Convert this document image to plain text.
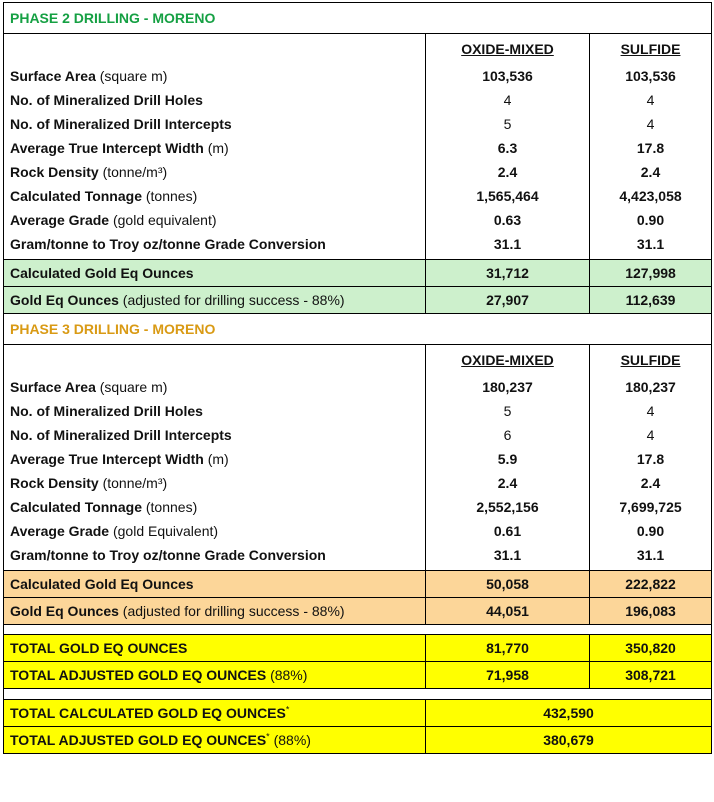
PHASE 2 DRILLING - MORENO		
	OXIDE-MIXED	SULFIDE
Surface Area (square m)	103,536	103,536
No. of Mineralized Drill Holes	4	4
No. of Mineralized Drill Intercepts	5	4
Average True Intercept Width (m)	6.3	17.8
Rock Density (tonne/m³)	2.4	2.4
Calculated Tonnage (tonnes)	1,565,464	4,423,058
Average Grade (gold equivalent)	0.63	0.90
Gram/tonne to Troy oz/tonne Grade Conversion	31.1	31.1
Calculated Gold Eq Ounces	31,712	127,998
Gold Eq Ounces (adjusted for drilling success - 88%)	27,907	112,639
PHASE 3 DRILLING - MORENO		
	OXIDE-MIXED	SULFIDE
Surface Area (square m)	180,237	180,237
No. of Mineralized Drill Holes	5	4
No. of Mineralized Drill Intercepts	6	4
Average True Intercept Width (m)	5.9	17.8
Rock Density (tonne/m³)	2.4	2.4
Calculated Tonnage (tonnes)	2,552,156	7,699,725
Average Grade (gold Equivalent)	0.61	0.90
Gram/tonne to Troy oz/tonne Grade Conversion	31.1	31.1
Calculated Gold Eq Ounces	50,058	222,822
Gold Eq Ounces (adjusted for drilling success - 88%)	44,051	196,083

TOTAL GOLD EQ OUNCES	81,770	350,820
TOTAL ADJUSTED GOLD EQ OUNCES (88%)	71,958	308,721

TOTAL CALCULATED GOLD EQ OUNCES*	432,590	
TOTAL ADJUSTED GOLD EQ OUNCES* (88%)	380,679	
